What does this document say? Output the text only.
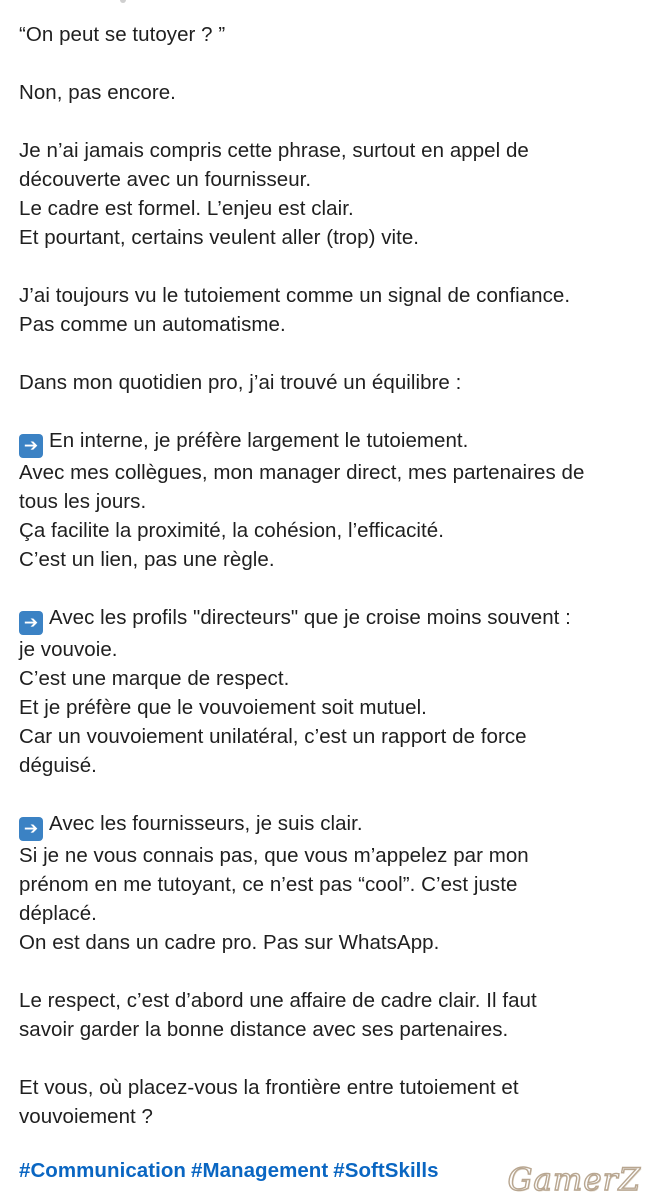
“On peut se tutoyer ? ”
Non, pas encore.
Je n’ai jamais compris cette phrase, surtout en appel de
découverte avec un fournisseur.
Le cadre est formel. L’enjeu est clair.
Et pourtant, certains veulent aller (trop) vite.
J’ai toujours vu le tutoiement comme un signal de confiance.
Pas comme un automatisme.
Dans mon quotidien pro, j’ai trouvé un équilibre :
➔ En interne, je préfère largement le tutoiement.
Avec mes collègues, mon manager direct, mes partenaires de
tous les jours.
Ça facilite la proximité, la cohésion, l’efficacité.
C’est un lien, pas une règle.
➔ Avec les profils "directeurs" que je croise moins souvent :
je vouvoie.
C’est une marque de respect.
Et je préfère que le vouvoiement soit mutuel.
Car un vouvoiement unilatéral, c’est un rapport de force
déguisé.
➔ Avec les fournisseurs, je suis clair.
Si je ne vous connais pas, que vous m’appelez par mon
prénom en me tutoyant, ce n’est pas “cool”. C’est juste
déplacé.
On est dans un cadre pro. Pas sur WhatsApp.
Le respect, c’est d’abord une affaire de cadre clair. Il faut
savoir garder la bonne distance avec ses partenaires.
Et vous, où placez-vous la frontière entre tutoiement et
vouvoiement ?
#Communication #Management #SoftSkills	GamerZ
